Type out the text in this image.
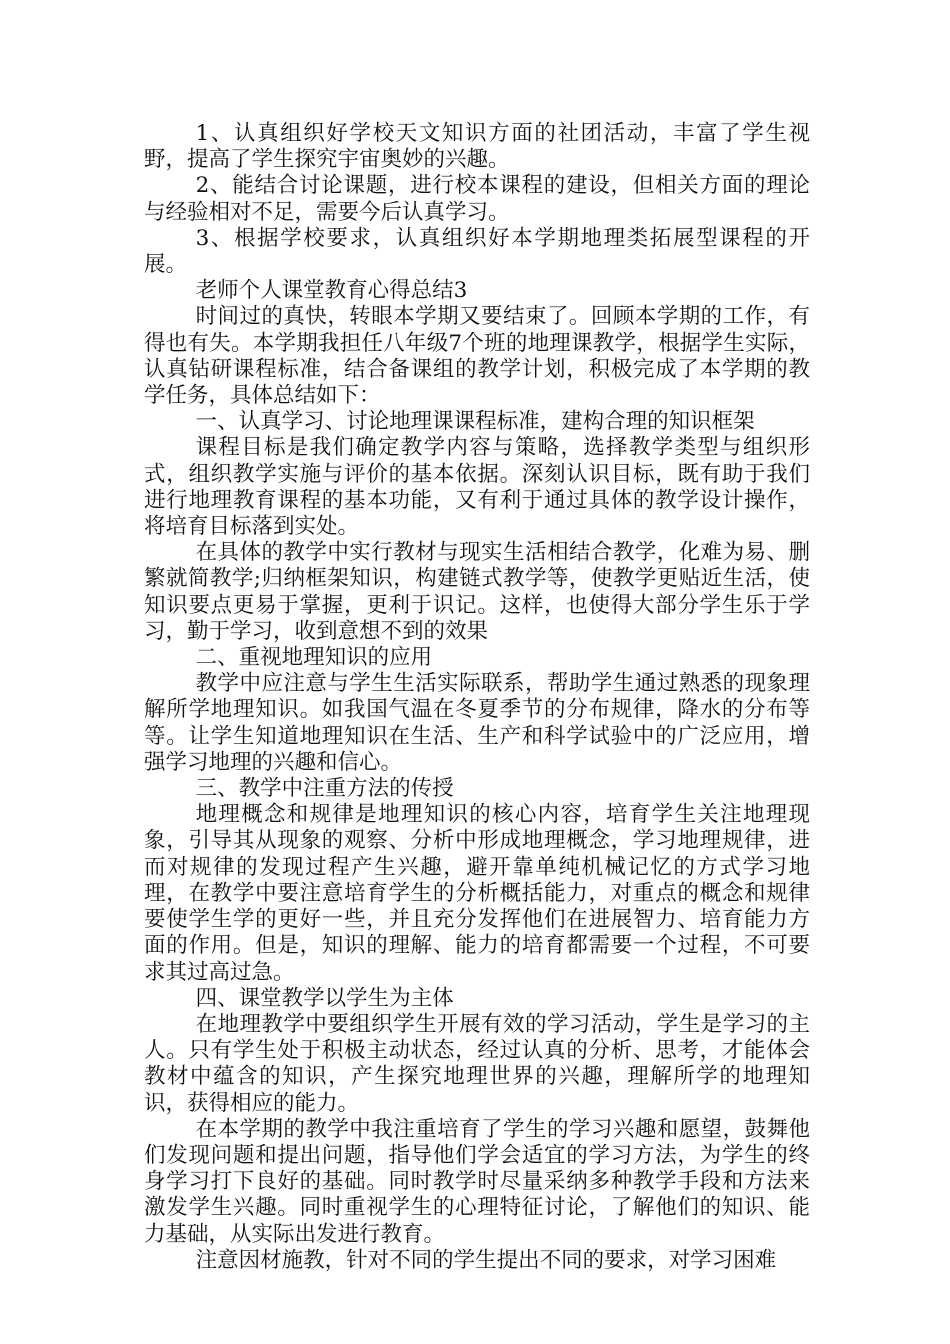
1、认真组织好学校天文知识方面的社团活动，丰富了学生视野，提高了学生探究宇宙奥妙的兴趣。

2、能结合讨论课题，进行校本课程的建设，但相关方面的理论与经验相对不足，需要今后认真学习。

3、根据学校要求，认真组织好本学期地理类拓展型课程的开展。

老师个人课堂教育心得总结3

时间过的真快，转眼本学期又要结束了。回顾本学期的工作，有得也有失。本学期我担任八年级7个班的地理课教学，根据学生实际，认真钻研课程标准，结合备课组的教学计划，积极完成了本学期的教学任务，具体总结如下：

一、认真学习、讨论地理课课程标准，建构合理的知识框架

课程目标是我们确定教学内容与策略，选择教学类型与组织形式，组织教学实施与评价的基本依据。深刻认识目标，既有助于我们进行地理教育课程的基本功能，又有利于通过具体的教学设计操作，将培育目标落到实处。

在具体的教学中实行教材与现实生活相结合教学，化难为易、删繁就简教学;归纳框架知识，构建链式教学等，使教学更贴近生活，使知识要点更易于掌握，更利于识记。这样，也使得大部分学生乐于学习，勤于学习，收到意想不到的效果

二、重视地理知识的应用

教学中应注意与学生生活实际联系，帮助学生通过熟悉的现象理解所学地理知识。如我国气温在冬夏季节的分布规律，降水的分布等等。让学生知道地理知识在生活、生产和科学试验中的广泛应用，增强学习地理的兴趣和信心。

三、教学中注重方法的传授

地理概念和规律是地理知识的核心内容，培育学生关注地理现象，引导其从现象的观察、分析中形成地理概念，学习地理规律，进而对规律的发现过程产生兴趣，避开靠单纯机械记忆的方式学习地理，在教学中要注意培育学生的分析概括能力，对重点的概念和规律要使学生学的更好一些，并且充分发挥他们在进展智力、培育能力方面的作用。但是，知识的理解、能力的培育都需要一个过程，不可要求其过高过急。

四、课堂教学以学生为主体

在地理教学中要组织学生开展有效的学习活动，学生是学习的主人。只有学生处于积极主动状态，经过认真的分析、思考，才能体会教材中蕴含的知识，产生探究地理世界的兴趣，理解所学的地理知识，获得相应的能力。

在本学期的教学中我注重培育了学生的学习兴趣和愿望，鼓舞他们发现问题和提出问题，指导他们学会适宜的学习方法，为学生的终身学习打下良好的基础。同时教学时尽量采纳多种教学手段和方法来激发学生兴趣。同时重视学生的心理特征讨论，了解他们的知识、能力基础，从实际出发进行教育。

注意因材施教，针对不同的学生提出不同的要求，对学习困难
